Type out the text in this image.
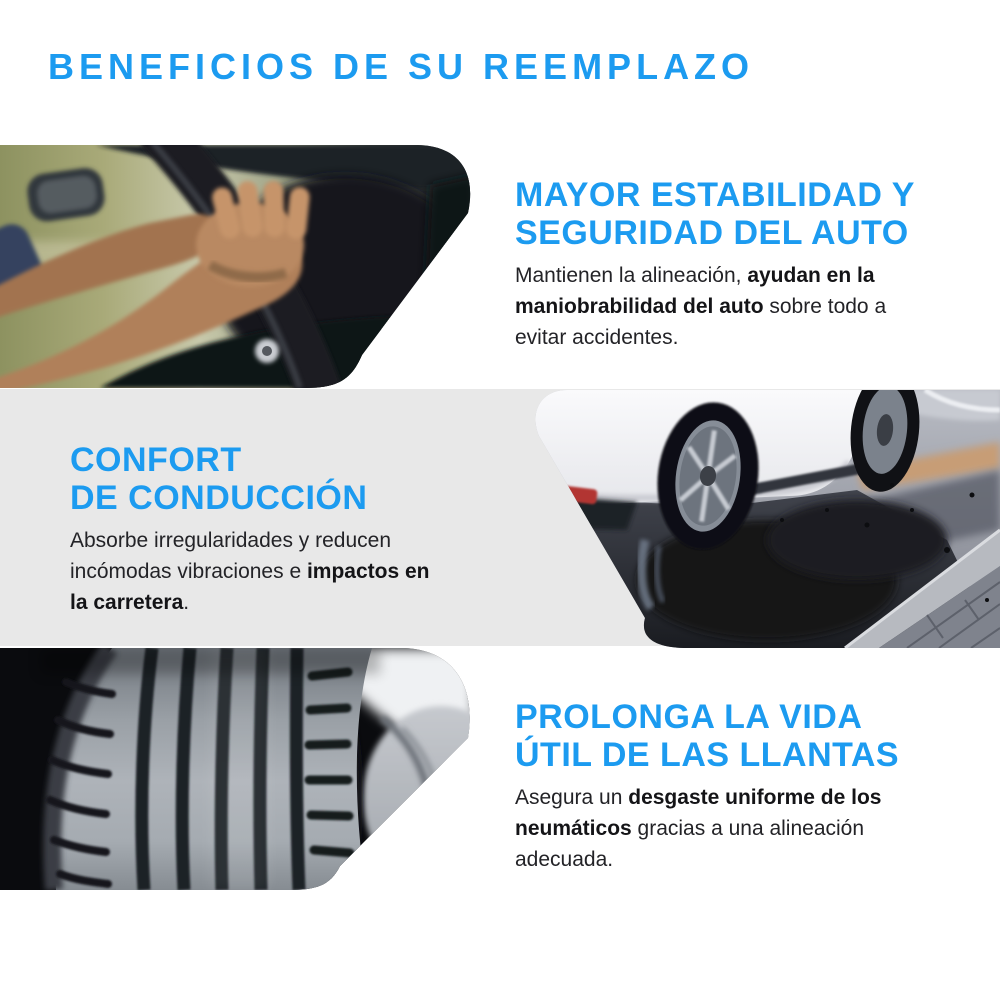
BENEFICIOS DE SU REEMPLAZO
MAYOR ESTABILIDAD Y
SEGURIDAD DEL AUTO
Mantienen la alineación, ayudan en la maniobrabilidad del auto sobre todo a evitar accidentes.
CONFORT
DE CONDUCCIÓN
Absorbe irregularidades y reducen incómodas vibraciones e impactos en la carretera.
PROLONGA LA VIDA
ÚTIL DE LAS LLANTAS
Asegura un desgaste uniforme de los neumáticos gracias a una alineación adecuada.
